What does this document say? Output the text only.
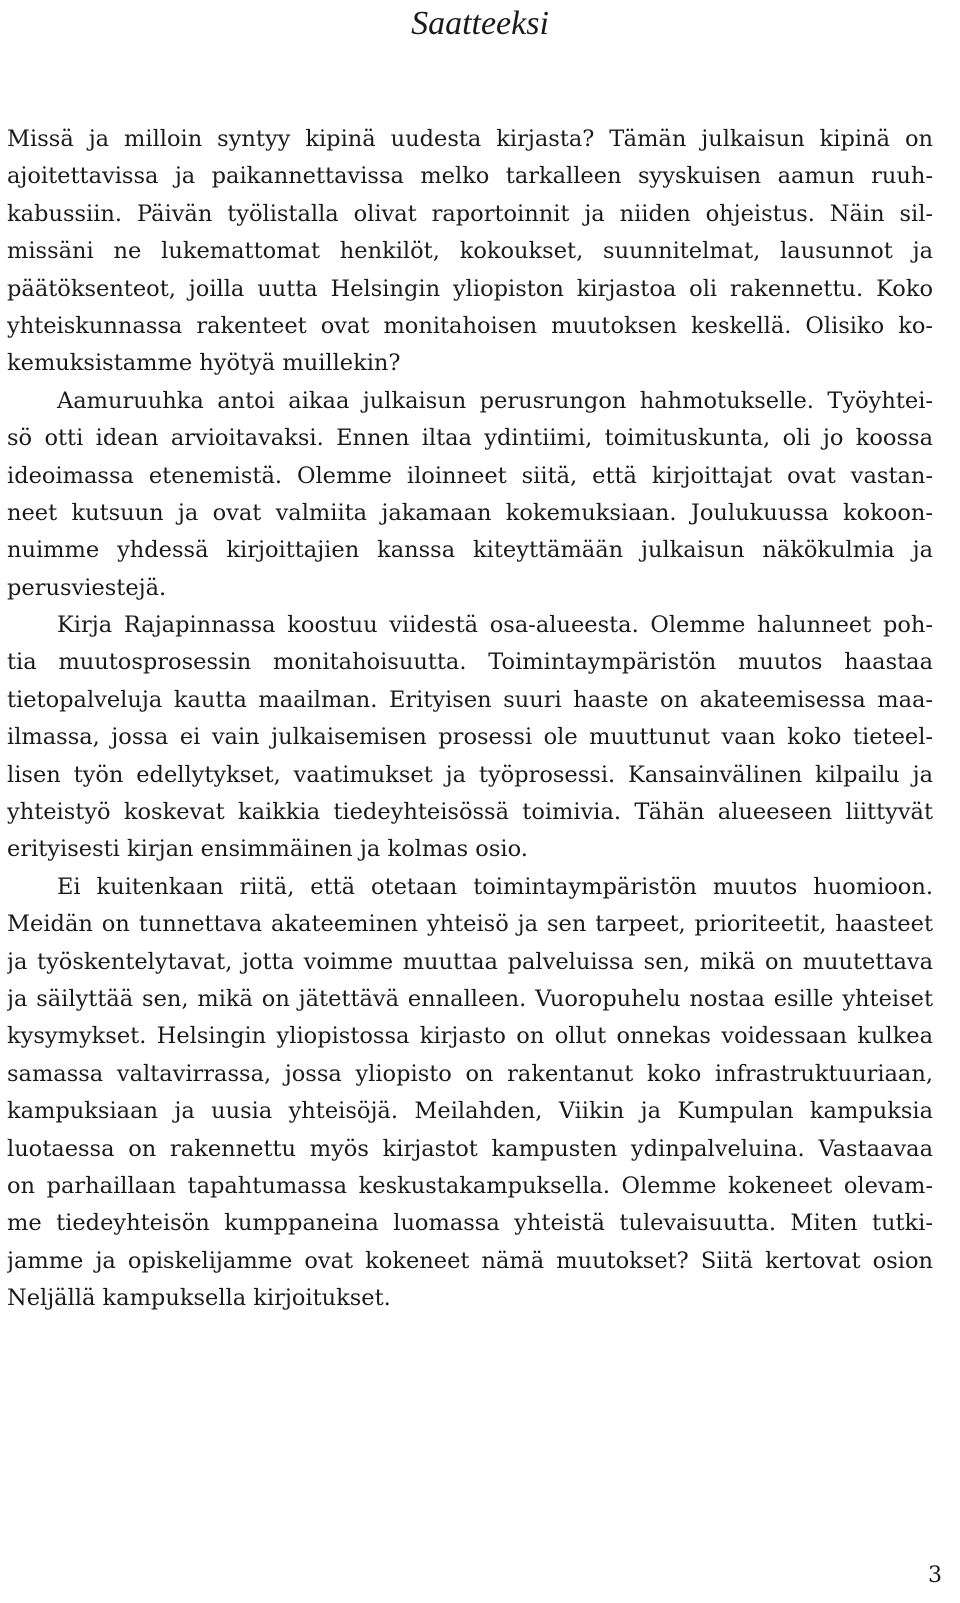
Saatteeksi
Missä ja milloin syntyy kipinä uudesta kirjasta? Tämän julkaisun kipinä on
ajoitettavissa ja paikannettavissa melko tarkalleen syyskuisen aamun ruuh-
kabussiin. Päivän työlistalla olivat raportoinnit ja niiden ohjeistus. Näin sil-
missäni ne lukemattomat henkilöt, kokoukset, suunnitelmat, lausunnot ja
päätöksenteot, joilla uutta Helsingin yliopiston kirjastoa oli rakennettu. Koko
yhteiskunnassa rakenteet ovat monitahoisen muutoksen keskellä. Olisiko ko-
kemuksistamme hyötyä muillekin?
Aamuruuhka antoi aikaa julkaisun perusrungon hahmotukselle. Työyhtei-
sö otti idean arvioitavaksi. Ennen iltaa ydintiimi, toimituskunta, oli jo koossa
ideoimassa etenemistä. Olemme iloinneet siitä, että kirjoittajat ovat vastan-
neet kutsuun ja ovat valmiita jakamaan kokemuksiaan. Joulukuussa kokoon-
nuimme yhdessä kirjoittajien kanssa kiteyttämään julkaisun näkökulmia ja
perusviestejä.
Kirja Rajapinnassa koostuu viidestä osa-alueesta. Olemme halunneet poh-
tia muutosprosessin monitahoisuutta. Toimintaympäristön muutos haastaa
tietopalveluja kautta maailman. Erityisen suuri haaste on akateemisessa maa-
ilmassa, jossa ei vain julkaisemisen prosessi ole muuttunut vaan koko tieteel-
lisen työn edellytykset, vaatimukset ja työprosessi. Kansainvälinen kilpailu ja
yhteistyö koskevat kaikkia tiedeyhteisössä toimivia. Tähän alueeseen liittyvät
erityisesti kirjan ensimmäinen ja kolmas osio.
Ei kuitenkaan riitä, että otetaan toimintaympäristön muutos huomioon.
Meidän on tunnettava akateeminen yhteisö ja sen tarpeet, prioriteetit, haasteet
ja työskentelytavat, jotta voimme muuttaa palveluissa sen, mikä on muutettava
ja säilyttää sen, mikä on jätettävä ennalleen. Vuoropuhelu nostaa esille yhteiset
kysymykset. Helsingin yliopistossa kirjasto on ollut onnekas voidessaan kulkea
samassa valtavirrassa, jossa yliopisto on rakentanut koko infrastruktuuriaan,
kampuksiaan ja uusia yhteisöjä. Meilahden, Viikin ja Kumpulan kampuksia
luotaessa on rakennettu myös kirjastot kampusten ydinpalveluina. Vastaavaa
on parhaillaan tapahtumassa keskustakampuksella. Olemme kokeneet olevam-
me tiedeyhteisön kumppaneina luomassa yhteistä tulevaisuutta. Miten tutki-
jamme ja opiskelijamme ovat kokeneet nämä muutokset? Siitä kertovat osion
Neljällä kampuksella kirjoitukset.
3
